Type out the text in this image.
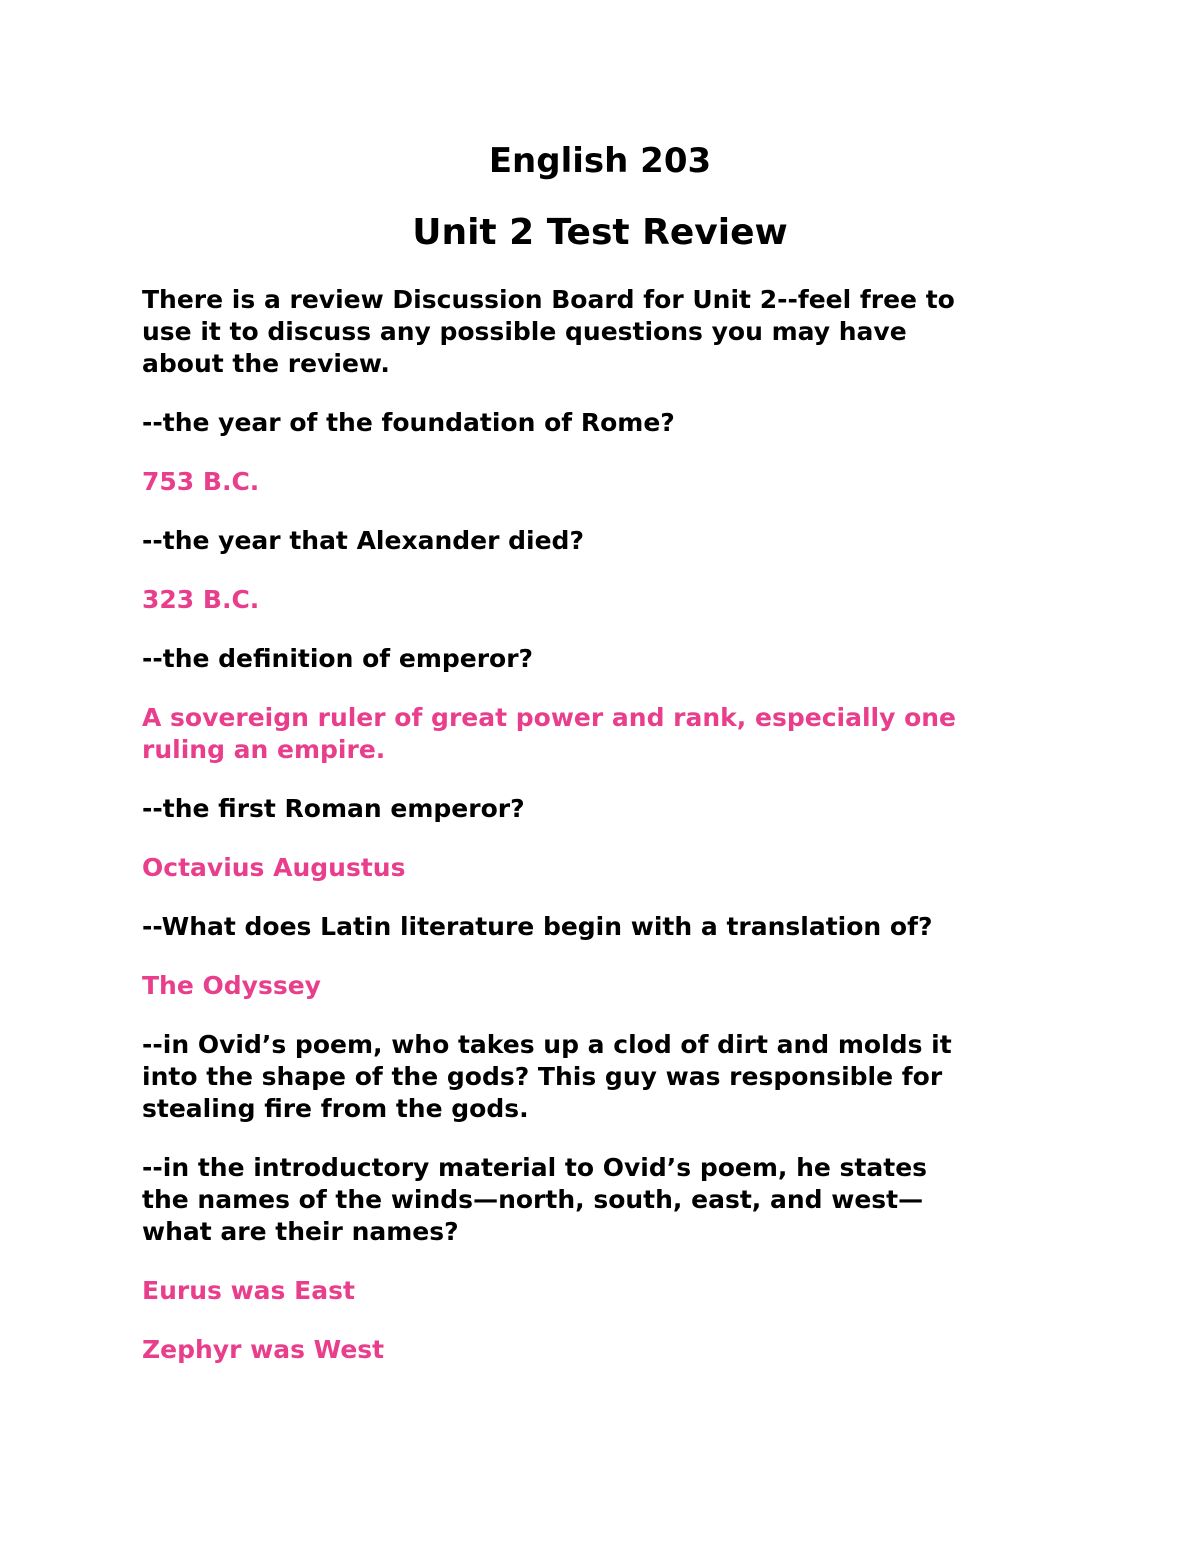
English 203
Unit 2 Test Review

There is a review Discussion Board for Unit 2--feel free to
use it to discuss any possible questions you may have
about the review.

--the year of the foundation of Rome?

753 B.C.

--the year that Alexander died?

323 B.C.

--the definition of emperor?

A sovereign ruler of great power and rank, especially one
ruling an empire.

--the first Roman emperor?

Octavius Augustus

--What does Latin literature begin with a translation of?

The Odyssey

--in Ovid’s poem, who takes up a clod of dirt and molds it
into the shape of the gods? This guy was responsible for
stealing fire from the gods.

--in the introductory material to Ovid’s poem, he states
the names of the winds—north, south, east, and west—
what are their names?

Eurus was East

Zephyr was West
